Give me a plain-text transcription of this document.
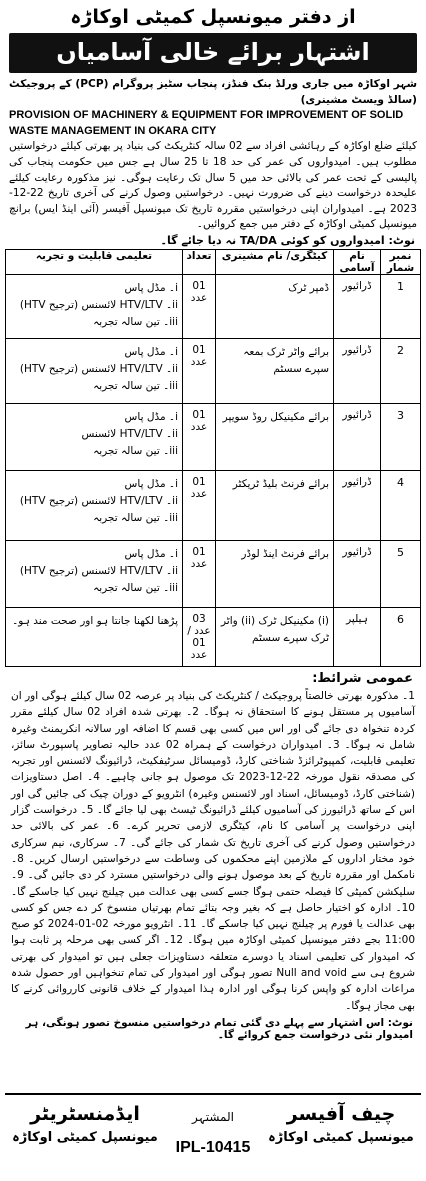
از دفتر میونسپل کمیٹی اوکاڑہ
اشتہار برائے خالی آسامیاں
شہر اوکاڑہ میں جاری ورلڈ بنک فنڈز، پنجاب سٹیز پروگرام (PCP) کے پروجیکٹ (سالڈ ویسٹ مشینری)
PROVISION OF MACHINERY & EQUIPMENT FOR IMPROVEMENT OF SOLID WASTE MANAGEMENT IN OKARA CITY
کیلئے ضلع اوکاڑہ کے رہائشی افراد سے 02 سالہ کنٹریکٹ کی بنیاد پر بھرتی کیلئے درخواستیں مطلوب ہیں۔ امیدواروں کی عمر کی حد 18 تا 25 سال ہے جس میں حکومت پنجاب کی پالیسی کے تحت عمر کی بالائی حد میں 5 سال تک رعایت ہوگی۔ نیز مذکورہ رعایت کیلئے علیحدہ درخواست دینے کی ضرورت نہیں۔ درخواستیں وصول کرنے کی آخری تاریخ 22-12-2023 ہے۔ امیدواران اپنی درخواستیں مقررہ تاریخ تک میونسپل آفیسر (آئی اینڈ ایس) برانچ میونسپل کمیٹی اوکاڑہ کے دفتر میں جمع کروائیں۔
نوٹ: امیدواروں کو کوئی TA/DA نہ دیا جائے گا۔
نمبر شمار	نام آسامی	کیٹگری/ نام مشینری	تعداد	تعلیمی قابلیت و تجربہ
1	ڈرائیور	ڈمپر ٹرک	01 عدد	i۔ مڈل پاس
ii۔ HTV/LTV لائسنس (ترجیح HTV)
iii۔ تین سالہ تجربہ

2	ڈرائیور	برائے واٹر ٹرک بمعہ سپرے سسٹم	01 عدد	i۔ مڈل پاس
ii۔ HTV/LTV لائسنس (ترجیح HTV)
iii۔ تین سالہ تجربہ

3	ڈرائیور	برائے مکینیکل روڈ سویپر	01 عدد	i۔ مڈل پاس
ii۔ HTV/LTV لائسنس
iii۔ تین سالہ تجربہ

4	ڈرائیور	برائے فرنٹ بلیڈ ٹریکٹر	01 عدد	i۔ مڈل پاس
ii۔ HTV/LTV لائسنس (ترجیح HTV)
iii۔ تین سالہ تجربہ

5	ڈرائیور	برائے فرنٹ اینڈ لوڈر	01 عدد	i۔ مڈل پاس
ii۔ HTV/LTV لائسنس (ترجیح HTV)
iii۔ تین سالہ تجربہ

6	ہیلپر	(i) مکینیکل ٹرک (ii) واٹر ٹرک سپرے سسٹم	03 عدد / 01 عدد	پڑھنا لکھنا جانتا ہو اور صحت مند ہو۔
عمومی شرائط:
1۔ مذکورہ بھرتی خالصتاً پروجیکٹ / کنٹریکٹ کی بنیاد پر عرصہ 02 سال کیلئے ہوگی اور ان آسامیوں پر مستقل ہونے کا استحقاق نہ ہوگا۔ 2۔ بھرتی شدہ افراد 02 سال کیلئے مقرر کردہ تنخواہ دی جائے گی اور اس میں کسی بھی قسم کا اضافہ اور سالانہ انکریمنٹ وغیرہ شامل نہ ہوگا۔ 3۔ امیدواران درخواست کے ہمراہ 02 عدد حالیہ تصاویر پاسپورٹ سائز، تعلیمی قابلیت، کمپیوٹرائزڈ شناختی کارڈ، ڈومیسائل سرٹیفکیٹ، ڈرائیونگ لائسنس اور تجربہ کی مصدقہ نقول مورخہ 22-12-2023 تک موصول ہو جانی چاہیے۔ 4۔ اصل دستاویزات (شناختی کارڈ، ڈومیسائل، اسناد اور لائسنس وغیرہ) انٹرویو کے دوران چیک کی جائیں گی اور اس کے ساتھ ڈرائیورز کی آسامیوں کیلئے ڈرائیونگ ٹیسٹ بھی لیا جائے گا۔ 5۔ درخواست گزار اپنی درخواست پر آسامی کا نام، کیٹگری لازمی تحریر کرے۔ 6۔ عمر کی بالائی حد درخواستیں وصول کرنے کی آخری تاریخ تک شمار کی جائے گی۔ 7۔ سرکاری، نیم سرکاری خود مختار اداروں کے ملازمین اپنے محکموں کی وساطت سے درخواستیں ارسال کریں۔ 8۔ نامکمل اور مقررہ تاریخ کے بعد موصول ہونے والی درخواستیں مسترد کر دی جائیں گی۔ 9۔ سلیکشن کمیٹی کا فیصلہ حتمی ہوگا جسے کسی بھی عدالت میں چیلنج نہیں کیا جاسکے گا۔ 10۔ ادارہ کو اختیار حاصل ہے کہ بغیر وجہ بتائے تمام بھرتیاں منسوخ کر دے جس کو کسی بھی عدالت یا فورم پر چیلنج نہیں کیا جاسکے گا۔ 11۔ انٹرویو مورخہ 02-01-2024 کو صبح 11:00 بجے دفتر میونسپل کمیٹی اوکاڑہ میں ہوگا۔ 12۔ اگر کسی بھی مرحلہ پر ثابت ہوا کہ امیدوار کی تعلیمی اسناد یا دوسرے متعلقہ دستاویزات جعلی ہیں تو امیدوار کی بھرتی شروع ہی سے Null and void تصور ہوگی اور امیدوار کی تمام تنخواہیں اور حصول شدہ مراعات ادارہ کو واپس کرنا ہوگی اور ادارہ ہذا امیدوار کے خلاف قانونی کارروائی کرنے کا بھی مجاز ہوگا۔
نوٹ: اس اشتہار سے پہلے دی گئی تمام درخواستیں منسوخ تصور ہونگی، ہر امیدوار نئی درخواست جمع کروائے گا۔
ایڈمنسٹریٹر
میونسپل کمیٹی اوکاڑہ
المشتہر
IPL-10415
چیف آفیسر
میونسپل کمیٹی اوکاڑہ
